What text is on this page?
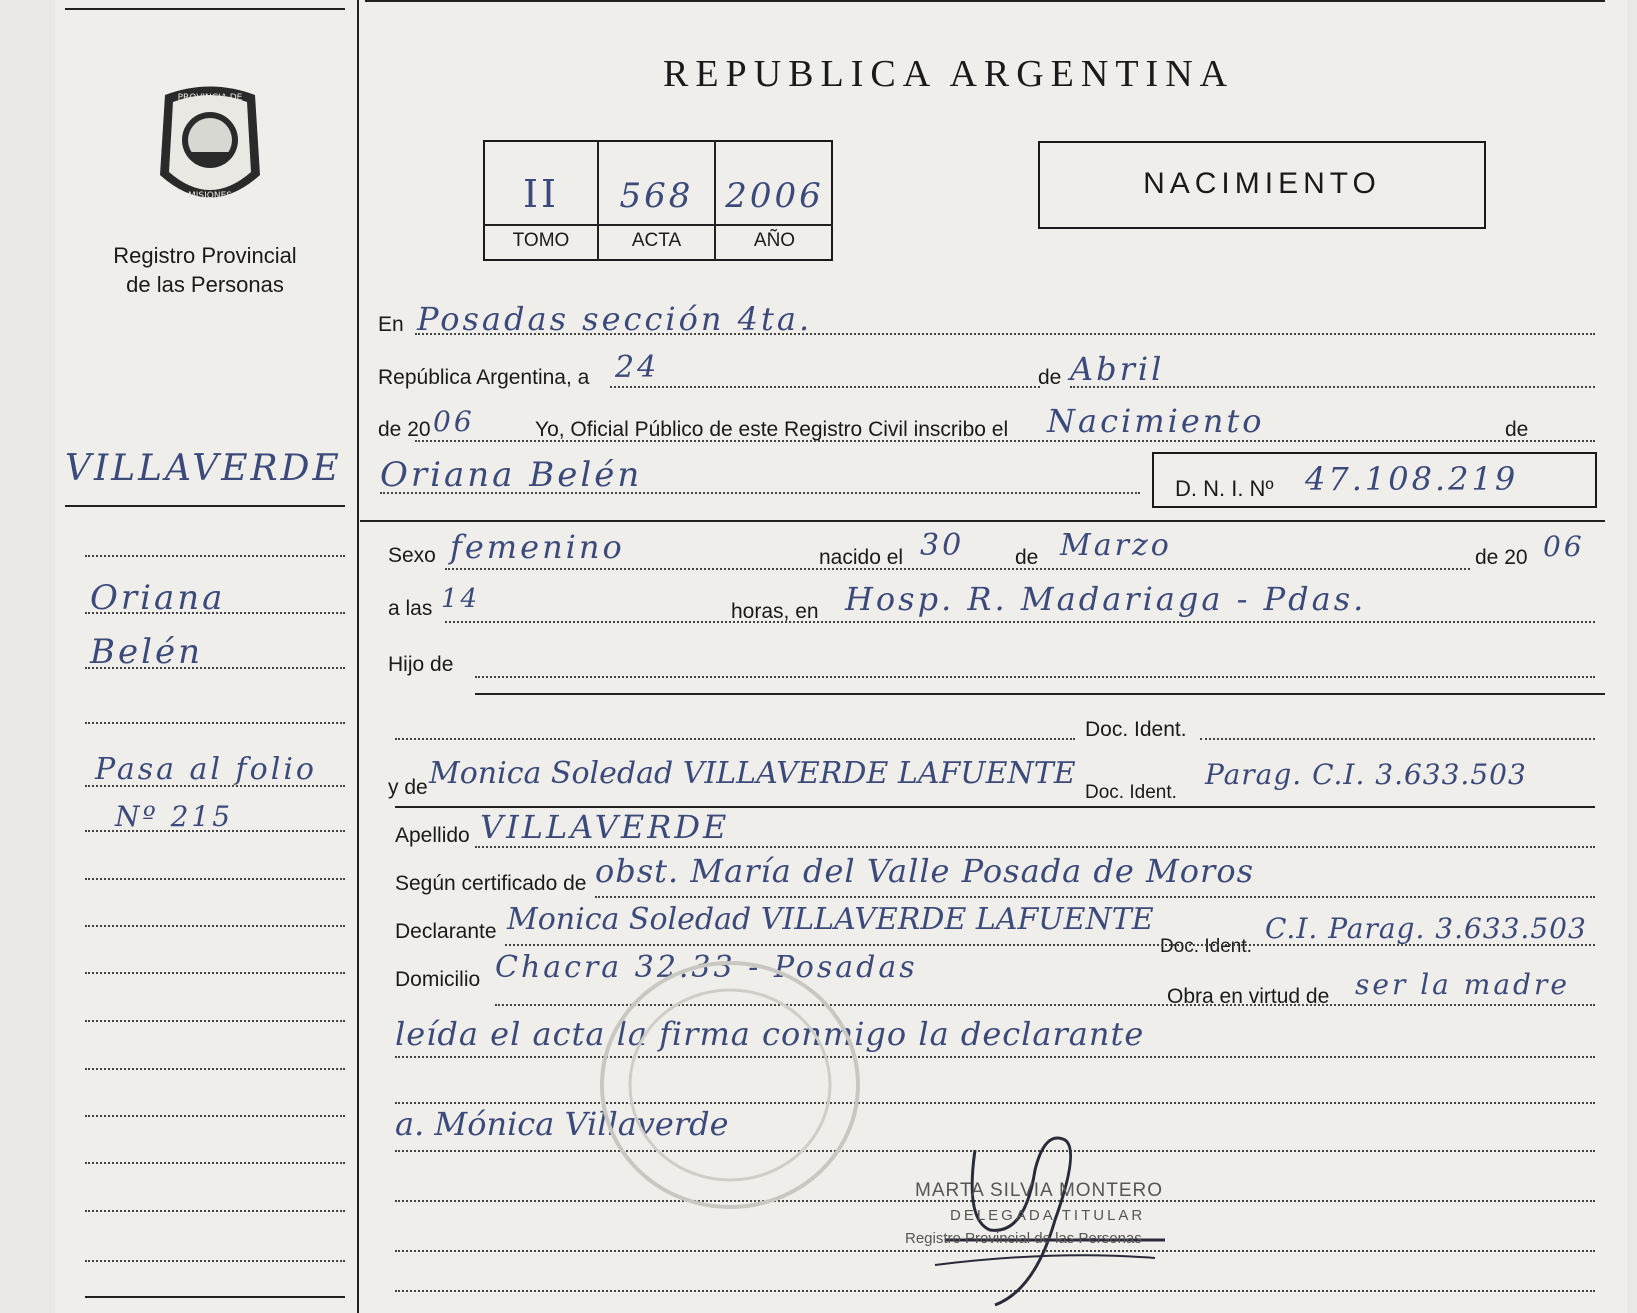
PROVINCIA DE
MISIONES
Registro Provincial
de las Personas
VILLAVERDE
Oriana
Belén
Pasa al folio
Nº 215
REPUBLICA ARGENTINA
II	568 2006
TOMO	ACTA	AÑO
NACIMIENTO
En Posadas sección 4ta.
República Argentina, a 24	de Abril
de 20 06	Yo, Oficial Público de este Registro Civil inscribo el Nacimiento	de
Oriana Belén	D. N. I. Nº 47.108.219
Sexo femenino	nacido el 30 de Marzo	de 20 06
a las 14	horas, en Hosp. R. Madariaga - Pdas.
Hijo de
Doc. Ident.
y de Monica Soledad VILLAVERDE LAFUENTE
Doc. Ident.
Parag. C.I. 3.633.503
Apellido VILLAVERDE
Según certificado de obst. María del Valle Posada de Moros
Declarante Monica Soledad VILLAVERDE LAFUENTE
Doc. Ident.
C.I. Parag. 3.633.503
Domicilio Chacra 32.33 - Posadas
Obra en virtud de ser la madre
leída el acta la firma conmigo la declarante
a. Mónica Villaverde
MARTA SILVIA MONTERO
DELEGADA TITULAR
Registro Provincial de las Personas
